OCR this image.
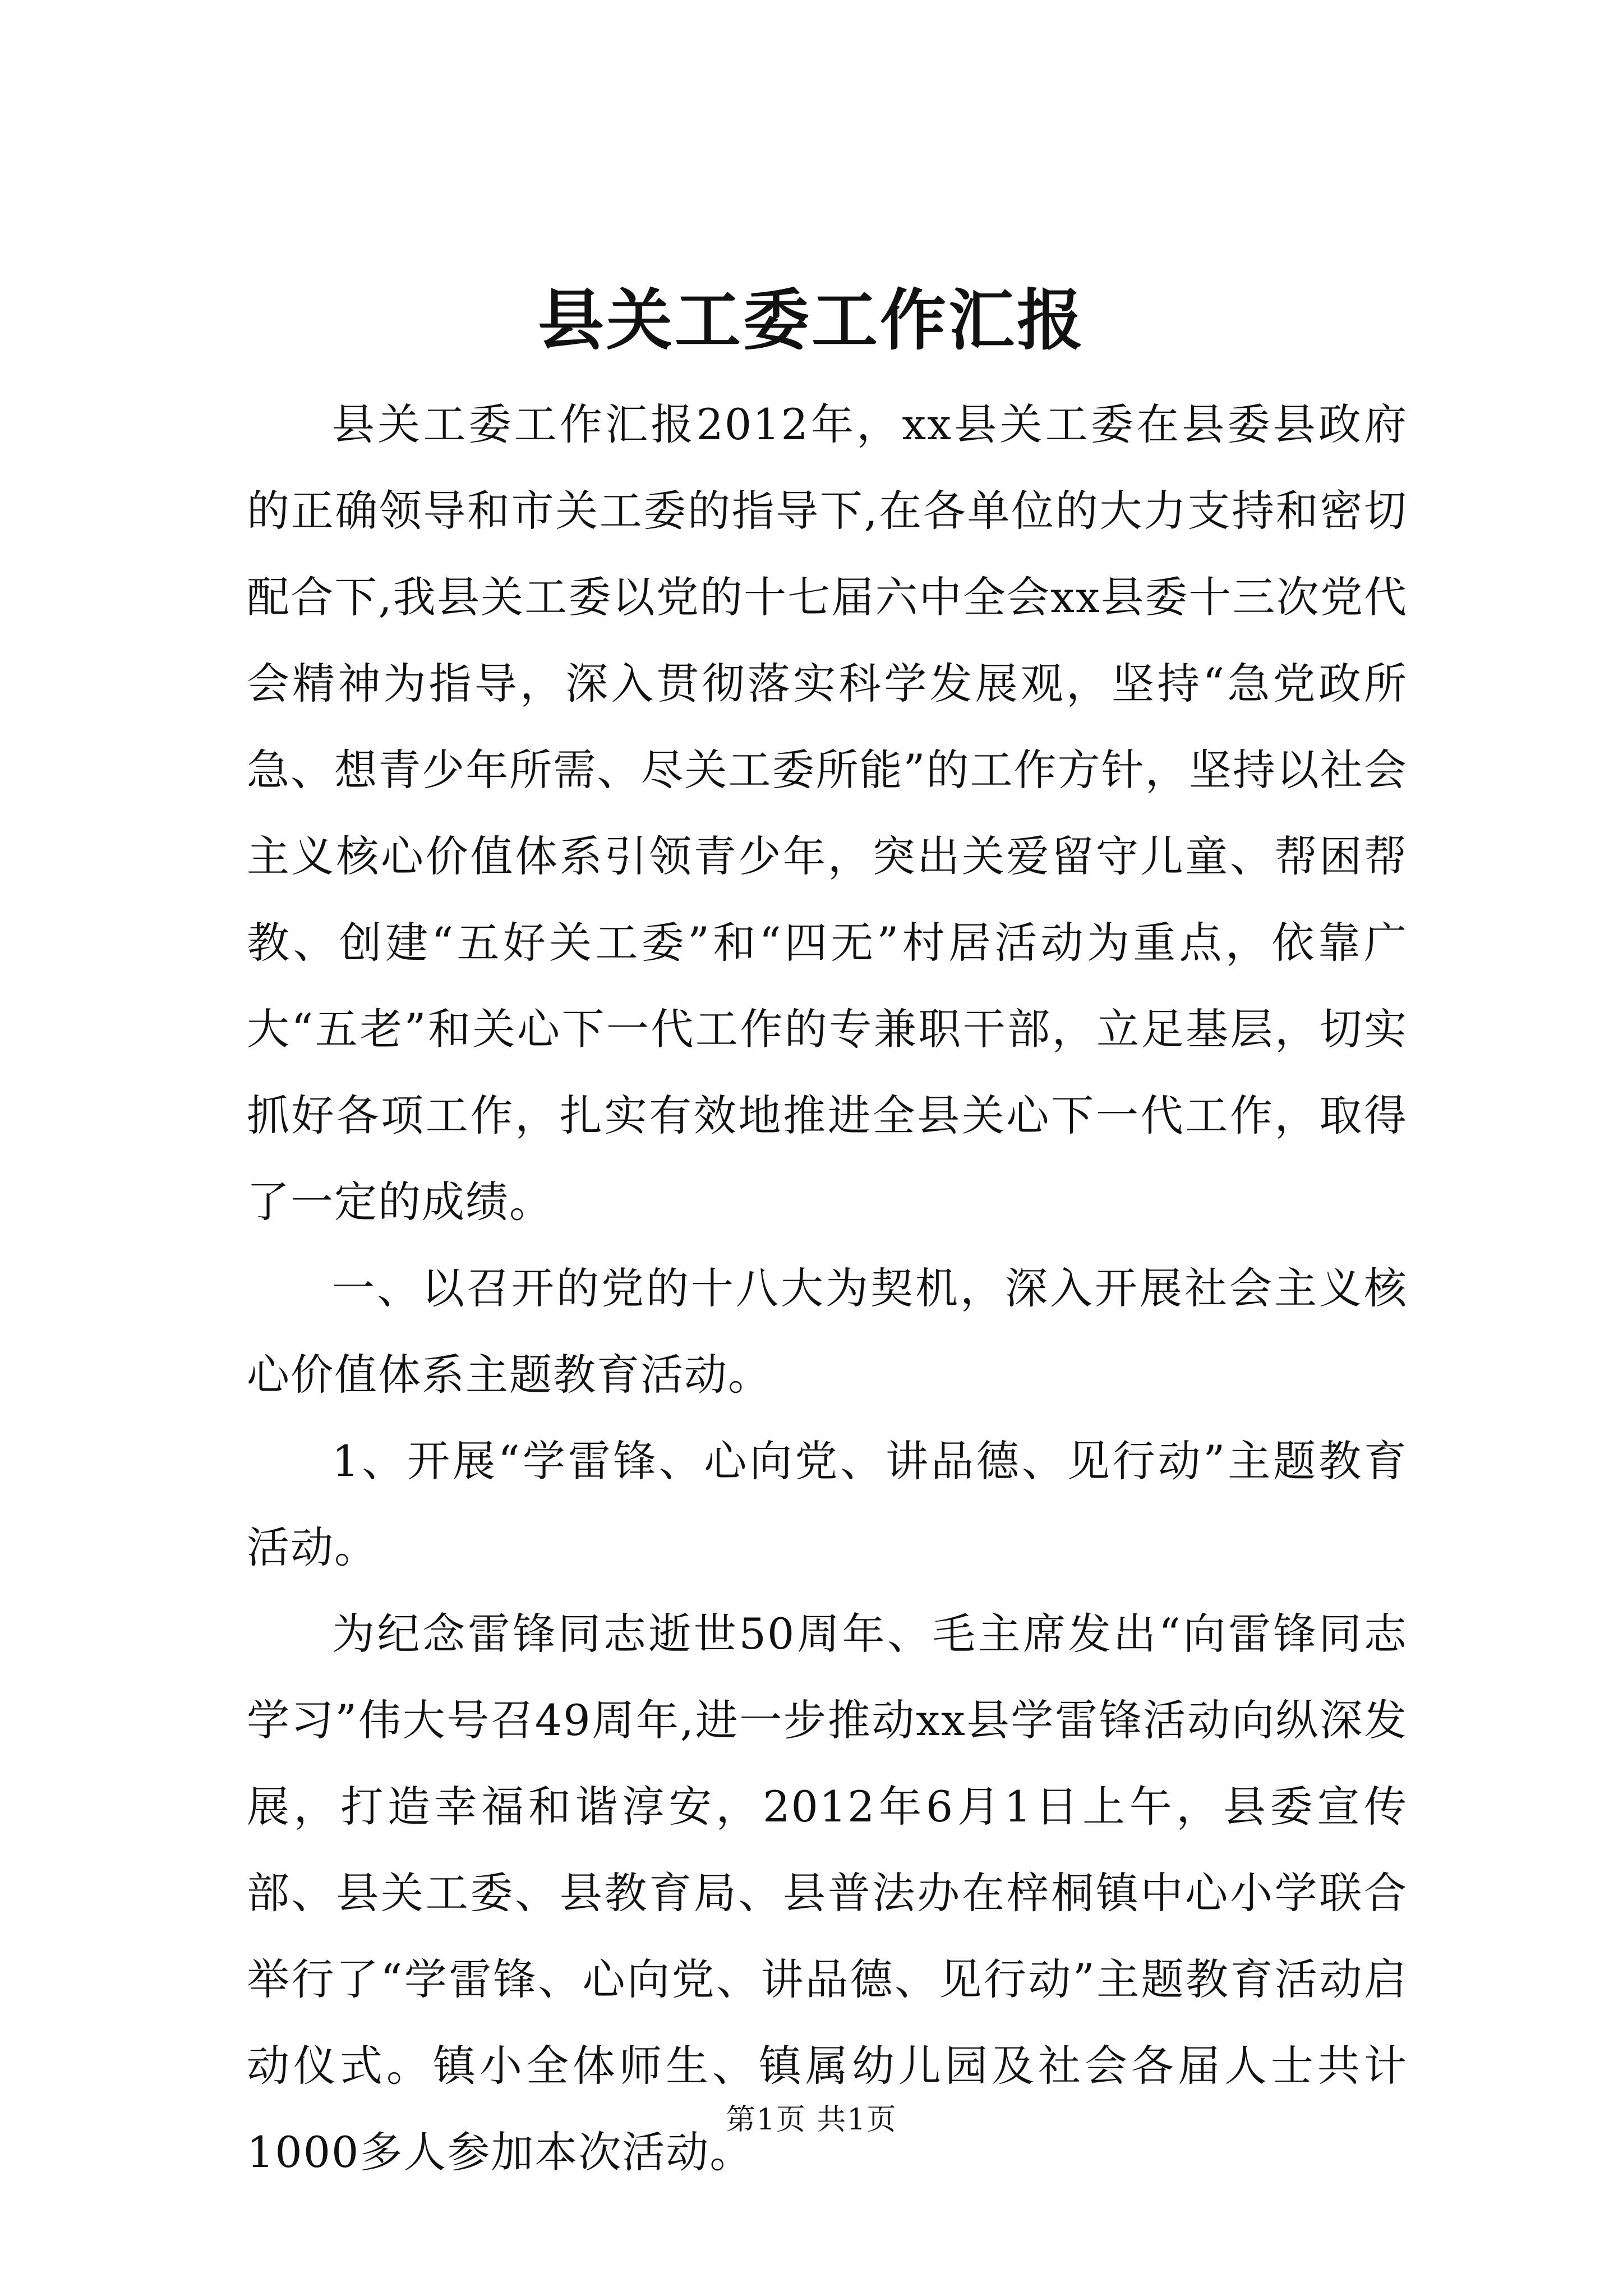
县关工委工作汇报

县关工委工作汇报2012年，xx县关工委在县委县政府的正确领导和市关工委的指导下,在各单位的大力支持和密切配合下,我县关工委以党的十七届六中全会xx县委十三次党代会精神为指导，深入贯彻落实科学发展观，坚持“急党政所急、想青少年所需、尽关工委所能”的工作方针，坚持以社会主义核心价值体系引领青少年，突出关爱留守儿童、帮困帮教、创建“五好关工委”和“四无”村居活动为重点，依靠广大“五老”和关心下一代工作的专兼职干部，立足基层，切实抓好各项工作，扎实有效地推进全县关心下一代工作，取得了一定的成绩。

一、以召开的党的十八大为契机，深入开展社会主义核心价值体系主题教育活动。

1、开展“学雷锋、心向党、讲品德、见行动”主题教育活动。

为纪念雷锋同志逝世50周年、毛主席发出“向雷锋同志学习”伟大号召49周年,进一步推动xx县学雷锋活动向纵深发展，打造幸福和谐淳安，2012年6月1日上午，县委宣传部、县关工委、县教育局、县普法办在梓桐镇中心小学联合举行了“学雷锋、心向党、讲品德、见行动”主题教育活动启动仪式。镇小全体师生、镇属幼儿园及社会各届人士共计1000多人参加本次活动。

第1页 共1页
